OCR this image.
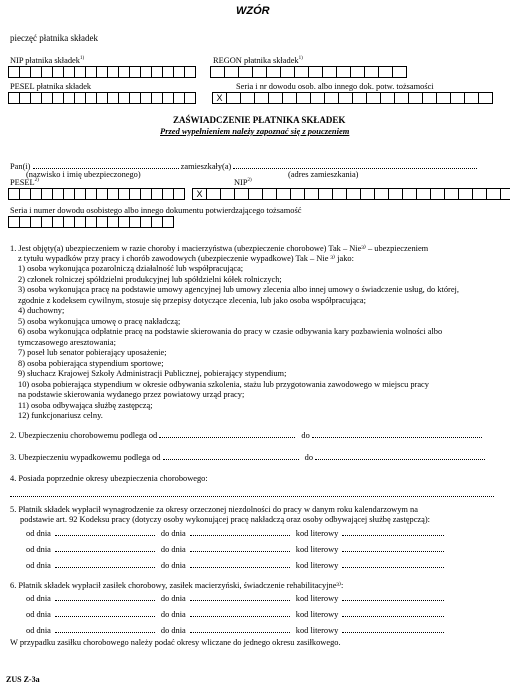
WZÓR
pieczęć płatnika składek
NIP płatnika składek$^{1)}$	REGON płatnika składek$^{1)}$
PESEL płatnika składek	Seria i nr dowodu osob. albo innego dok. potw. tożsamości
X
ZAŚWIADCZENIE PŁATNIKA SKŁADEK
Przed wypełnieniem należy zapoznać się z pouczeniem
Pan(i)	zamieszkały(a)
(nazwisko i imię ubezpieczonego)	(adres zamieszkania)
PESEL$^{2)}$	NIP$^{2)}$
X
Seria i numer dowodu osobistego albo innego dokumentu potwierdzającego tożsamość
1. Jest objęty(a) ubezpieczeniem w razie choroby i macierzyństwa (ubezpieczenie chorobowe) Tak – Nie³⁾ – ubezpieczeniem
z tytułu wypadków przy pracy i chorób zawodowych (ubezpieczenie wypadkowe) Tak – Nie ³⁾ jako:
1) osoba wykonująca pozarolniczą działalność lub współpracująca;
2) członek rolniczej spółdzielni produkcyjnej lub spółdzielni kółek rolniczych;
3) osoba wykonująca pracę na podstawie umowy agencyjnej lub umowy zlecenia albo innej umowy o świadczenie usług, do której,
zgodnie z kodeksem cywilnym, stosuje się przepisy dotyczące zlecenia, lub jako osoba współpracująca;
4) duchowny;
5) osoba wykonująca umowę o pracę nakładczą;
6) osoba wykonująca odpłatnie pracę na podstawie skierowania do pracy w czasie odbywania kary pozbawienia wolności albo
tymczasowego aresztowania;
7) poseł lub senator pobierający uposażenie;
8) osoba pobierająca stypendium sportowe;
9) słuchacz Krajowej Szkoły Administracji Publicznej, pobierający stypendium;
10) osoba pobierająca stypendium w okresie odbywania szkolenia, stażu lub przygotowania zawodowego w miejscu pracy
na podstawie skierowania wydanego przez powiatowy urząd pracy;
11) osoba odbywająca służbę zastępczą;
12) funkcjonariusz celny.
2. Ubezpieczeniu chorobowemu podlega od	do
3. Ubezpieczeniu wypadkowemu podlega od	do
4. Posiada poprzednie okresy ubezpieczenia chorobowego:
5. Płatnik składek wypłacił wynagrodzenie za okresy orzeczonej niezdolności do pracy w danym roku kalendarzowym na
podstawie art. 92 Kodeksu pracy (dotyczy osoby wykonującej pracę nakładczą oraz osoby odbywającej służbę zastępczą):
od dnia	do dnia	kod literowy
od dnia	do dnia	kod literowy
od dnia	do dnia	kod literowy
6. Płatnik składek wypłacił zasiłek chorobowy, zasiłek macierzyński, świadczenie rehabilitacyjne³⁾:
od dnia	do dnia	kod literowy
od dnia	do dnia	kod literowy
od dnia	do dnia	kod literowy
W przypadku zasiłku chorobowego należy podać okresy wliczane do jednego okresu zasiłkowego.
ZUS Z-3a
